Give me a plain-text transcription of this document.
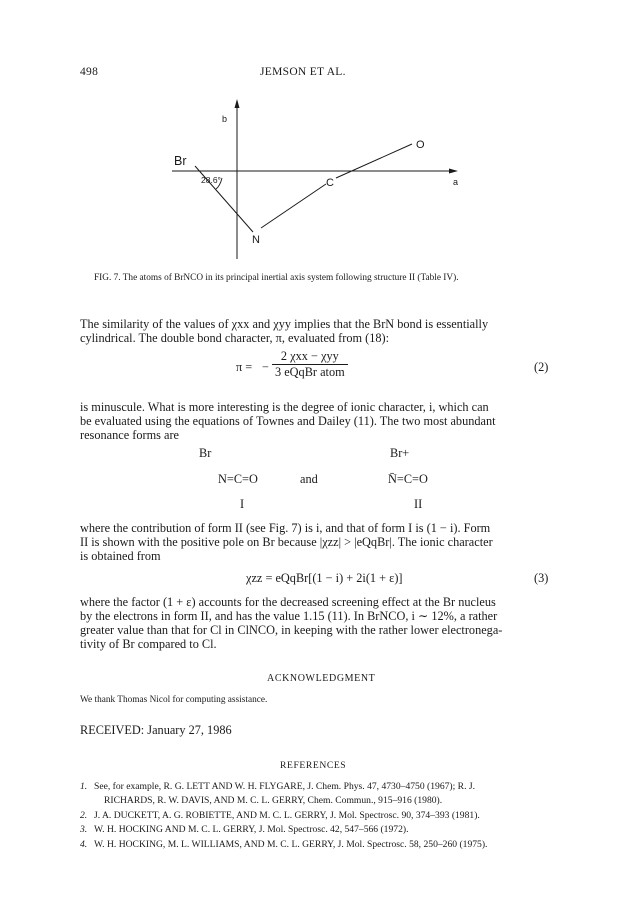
498	JEMSON ET AL.
b
a
Br
28.6°	C
O
N
FIG. 7. The atoms of BrNCO in its principal inertial axis system following structure II (Table IV).
The similarity of the values of χxx and χyy implies that the BrN bond is essentially
cylindrical. The double bond character, π, evaluated from (18):
π = −
2 χxx − χyy
3 eQqBr atom	(2)
is minuscule. What is more interesting is the degree of ionic character, i, which can
be evaluated using the equations of Townes and Dailey (11). The two most abundant
resonance forms are
Br
N=C=O
I
and
Br+
N̄=C=O
II
where the contribution of form II (see Fig. 7) is i, and that of form I is (1 − i). Form
II is shown with the positive pole on Br because |χzz| > |eQqBr|. The ionic character
is obtained from
χzz = eQqBr[(1 − i) + 2i(1 + ε)]	(3)
where the factor (1 + ε) accounts for the decreased screening effect at the Br nucleus
by the electrons in form II, and has the value 1.15 (11). In BrNCO, i ∼ 12%, a rather
greater value than that for Cl in ClNCO, in keeping with the rather lower electronega-
tivity of Br compared to Cl.
ACKNOWLEDGMENT
We thank Thomas Nicol for computing assistance.
RECEIVED: January 27, 1986
REFERENCES
1. See, for example, R. G. LETT AND W. H. FLYGARE, J. Chem. Phys. 47, 4730–4750 (1967); R. J.
RICHARDS, R. W. DAVIS, AND M. C. L. GERRY, Chem. Commun., 915–916 (1980).
2. J. A. DUCKETT, A. G. ROBIETTE, AND M. C. L. GERRY, J. Mol. Spectrosc. 90, 374–393 (1981).
3. W. H. HOCKING AND M. C. L. GERRY, J. Mol. Spectrosc. 42, 547–566 (1972).
4. W. H. HOCKING, M. L. WILLIAMS, AND M. C. L. GERRY, J. Mol. Spectrosc. 58, 250–260 (1975).
